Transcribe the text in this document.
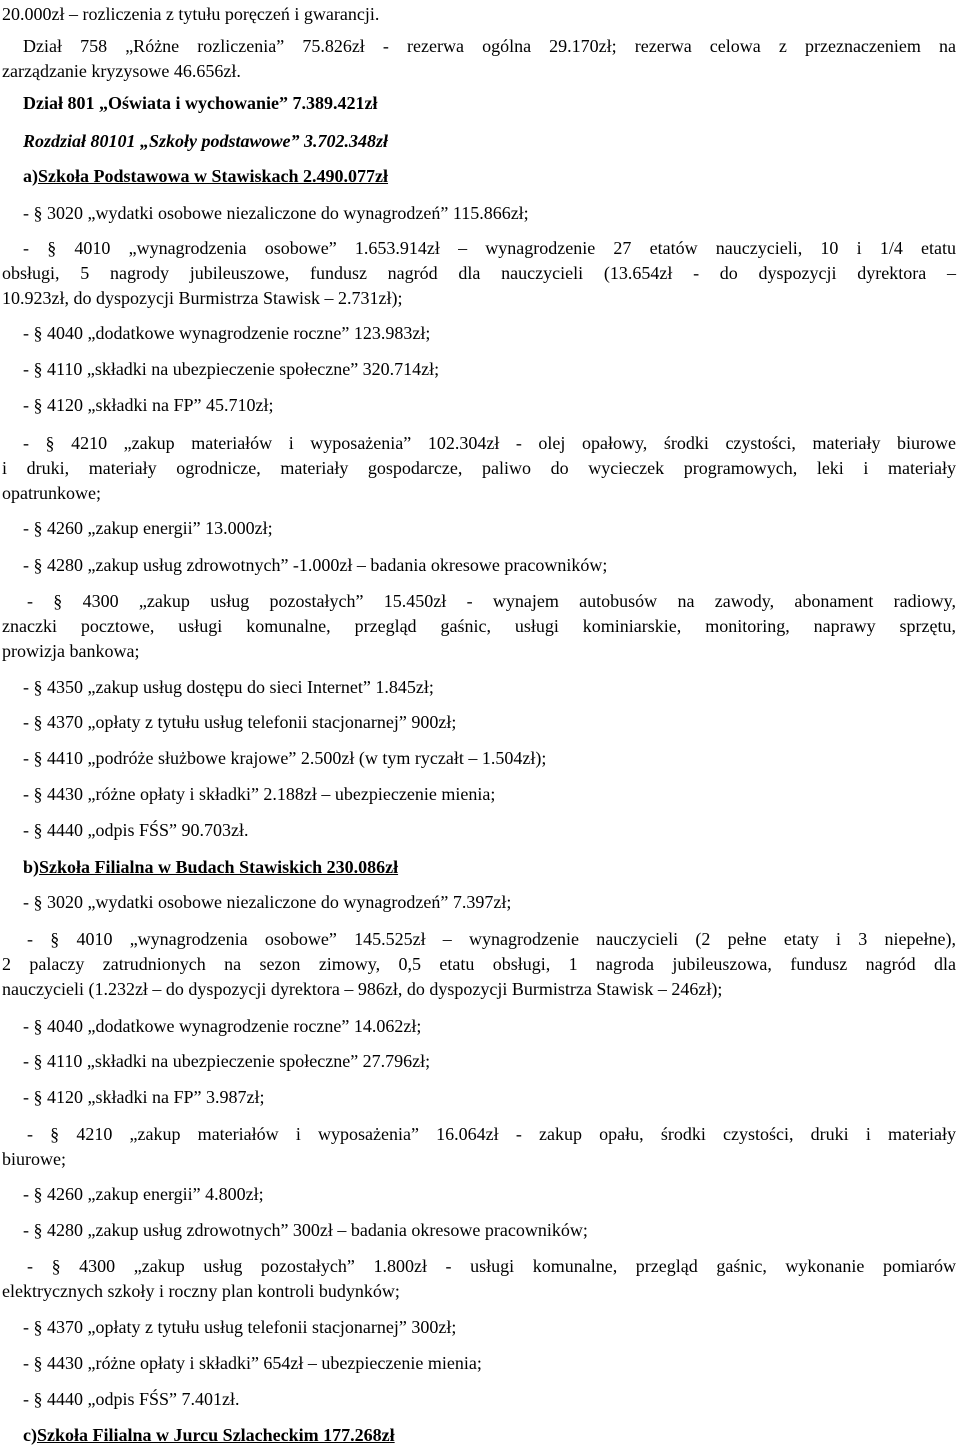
20.000zł – rozliczenia z tytułu poręczeń i gwarancji.
Dział 758 „Różne rozliczenia” 75.826zł - rezerwa ogólna 29.170zł; rezerwa celowa z przeznaczeniem na
zarządzanie kryzysowe 46.656zł.
Dział 801 „Oświata i wychowanie” 7.389.421zł
Rozdział 80101 „Szkoły podstawowe” 3.702.348zł
a)Szkoła Podstawowa w Stawiskach 2.490.077zł
- § 3020 „wydatki osobowe niezaliczone do wynagrodzeń” 115.866zł;
- § 4010 „wynagrodzenia osobowe” 1.653.914zł – wynagrodzenie 27 etatów nauczycieli, 10 i 1/4 etatu
obsługi, 5 nagrody jubileuszowe, fundusz nagród dla nauczycieli (13.654zł - do dyspozycji dyrektora –
10.923zł, do dyspozycji Burmistrza Stawisk – 2.731zł);
- § 4040 „dodatkowe wynagrodzenie roczne” 123.983zł;
- § 4110 „składki na ubezpieczenie społeczne” 320.714zł;
- § 4120 „składki na FP” 45.710zł;
- § 4210 „zakup materiałów i wyposażenia” 102.304zł - olej opałowy, środki czystości, materiały biurowe
i druki, materiały ogrodnicze, materiały gospodarcze, paliwo do wycieczek programowych, leki i materiały
opatrunkowe;
- § 4260 „zakup energii” 13.000zł;
- § 4280 „zakup usług zdrowotnych” -1.000zł – badania okresowe pracowników;
- § 4300 „zakup usług pozostałych” 15.450zł - wynajem autobusów na zawody, abonament radiowy,
znaczki pocztowe, usługi komunalne, przegląd gaśnic, usługi kominiarskie, monitoring, naprawy sprzętu,
prowizja bankowa;
- § 4350 „zakup usług dostępu do sieci Internet” 1.845zł;
- § 4370 „opłaty z tytułu usług telefonii stacjonarnej” 900zł;
- § 4410 „podróże służbowe krajowe” 2.500zł (w tym ryczałt – 1.504zł);
- § 4430 „różne opłaty i składki” 2.188zł – ubezpieczenie mienia;
- § 4440 „odpis FŚS” 90.703zł.
b)Szkoła Filialna w Budach Stawiskich 230.086zł
- § 3020 „wydatki osobowe niezaliczone do wynagrodzeń” 7.397zł;
- § 4010 „wynagrodzenia osobowe” 145.525zł – wynagrodzenie nauczycieli (2 pełne etaty i 3 niepełne),
2 palaczy zatrudnionych na sezon zimowy, 0,5 etatu obsługi, 1 nagroda jubileuszowa, fundusz nagród dla
nauczycieli (1.232zł – do dyspozycji dyrektora – 986zł, do dyspozycji Burmistrza Stawisk – 246zł);
- § 4040 „dodatkowe wynagrodzenie roczne” 14.062zł;
- § 4110 „składki na ubezpieczenie społeczne” 27.796zł;
- § 4120 „składki na FP” 3.987zł;
- § 4210 „zakup materiałów i wyposażenia” 16.064zł - zakup opału, środki czystości, druki i materiały
biurowe;
- § 4260 „zakup energii” 4.800zł;
- § 4280 „zakup usług zdrowotnych” 300zł – badania okresowe pracowników;
- § 4300 „zakup usług pozostałych” 1.800zł - usługi komunalne, przegląd gaśnic, wykonanie pomiarów
elektrycznych szkoły i roczny plan kontroli budynków;
- § 4370 „opłaty z tytułu usług telefonii stacjonarnej” 300zł;
- § 4430 „różne opłaty i składki” 654zł – ubezpieczenie mienia;
- § 4440 „odpis FŚS” 7.401zł.
c)Szkoła Filialna w Jurcu Szlacheckim 177.268zł
